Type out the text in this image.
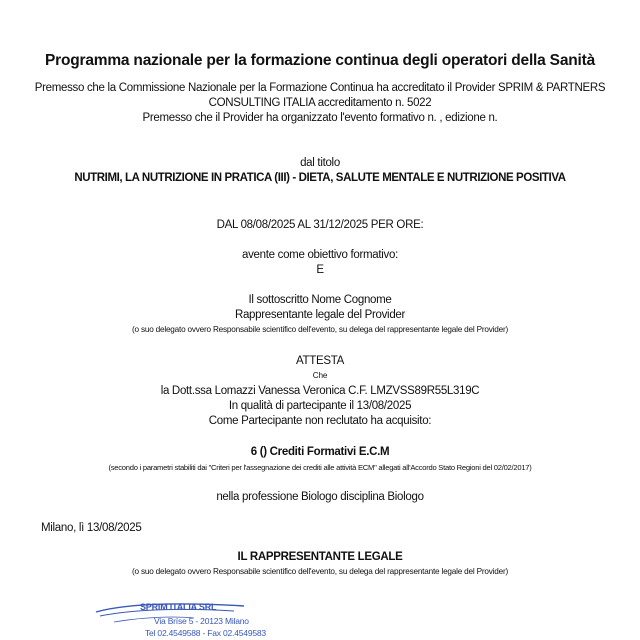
Programma nazionale per la formazione continua degli operatori della Sanità
Premesso che la Commissione Nazionale per la Formazione Continua ha accreditato il Provider SPRIM & PARTNERS
CONSULTING ITALIA accreditamento n. 5022
Premesso che il Provider ha organizzato l'evento formativo n. , edizione n.
dal titolo
NUTRIMI, LA NUTRIZIONE IN PRATICA (III) - DIETA, SALUTE MENTALE E NUTRIZIONE POSITIVA
DAL 08/08/2025 AL 31/12/2025 PER ORE:
avente come obiettivo formativo:
E
Il sottoscritto Nome Cognome
Rappresentante legale del Provider
(o suo delegato ovvero Responsabile scientifico dell'evento, su delega del rappresentante legale del Provider)
ATTESTA
Che
la Dott.ssa Lomazzi Vanessa Veronica C.F. LMZVSS89R55L319C
In qualità di partecipante il 13/08/2025
Come Partecipante non reclutato ha acquisito:
6 () Crediti Formativi E.C.M
(secondo i parametri stabiliti dai "Criteri per l'assegnazione dei crediti alle attività ECM" allegati all'Accordo Stato Regioni del 02/02/2017)
nella professione Biologo disciplina Biologo
Milano, lì 13/08/2025
IL RAPPRESENTANTE LEGALE
(o suo delegato ovvero Responsabile scientifico dell'evento, su delega del rappresentante legale del Provider)
SPRIM ITALIA SRL
Via Bríse 5 - 20123 Milano
Tel 02.4549588 - Fax 02.4549583
